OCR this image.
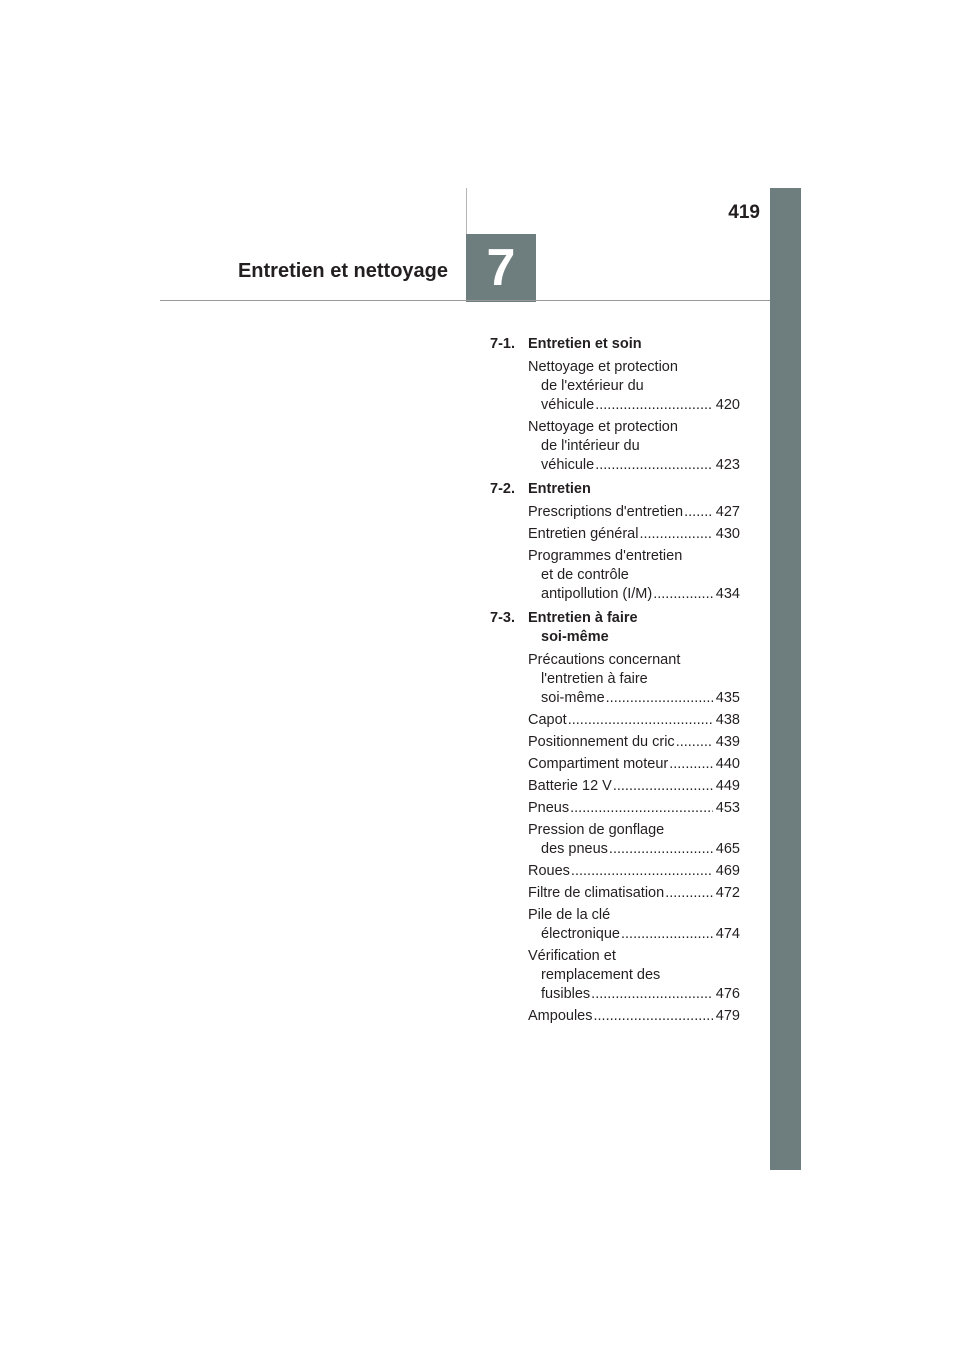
419
Entretien et nettoyage 7
7-1. Entretien et soin
Nettoyage et protection
de l'extérieur du
véhicule .....	420
Nettoyage et protection
de l'intérieur du
véhicule .....	423
7-2. Entretien
Prescriptions d'entretien ..... 427
Entretien général .....	430
Programmes d'entretien
et de contrôle
antipollution (I/M) .....	434
7-3. Entretien à faire
soi-même
Précautions concernant
l'entretien à faire
soi-même .....	435
Capot .....	438
Positionnement du cric .....	439
Compartiment moteur .....	440
Batterie 12 V .....	449
Pneus .....	453
Pression de gonflage
des pneus .....	465
Roues .....	469
Filtre de climatisation .....	472
Pile de la clé
électronique .....	474
Vérification et
remplacement des
fusibles .....	476
Ampoules .....	479
